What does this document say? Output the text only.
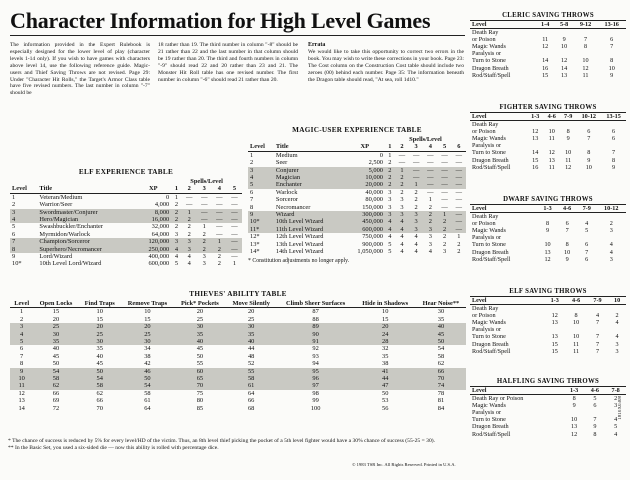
Character Information for High Level Games

The information provided in the Expert Rulebook is especially designed for the lower level of play (character levels 1-14 only). If you wish to have games with characters above level 14, use the following reference guide. Magic-users and Thief Saving Throws are not revised. Page 29: Under "Character Hit Rolls," the Target's Armor Class table have five revised numbers. The last number in column "-7" should be

18 rather than 19. The third number in column "-8" should be 21 rather than 22 and the last number in that column should be 19 rather than 20. The third and fourth numbers in column "-9" should read 22 and 20 rather than 23 and 21. The Monster Hit Roll table has one revised number. The first number in column "-6" should read 21 rather than 20.

Errata

We would like to take this opportunity to correct two errors in the book. You may wish to write these corrections in your book. Page 23: The Cost column on the Construction Cost table should include two zeroes (00) behind each number. Page 35: The information beneath the Dragon table should read, "At sea, roll 1d10."

ELF EXPERIENCE TABLE
			Spells/Level				
Level	Title	XP	1	2	3	4	5
1	Veteran/Medium	0	1	—	—	—	—
2	Warrior/Seer	4,000	2	—	—	—	—
3	Swordmaster/Conjurer	8,000	2	1	—	—	—
4	Hero/Magician	16,000	2	2	—	—	—
5	Swashbuckler/Enchanter	32,000	2	2	1	—	—
6	Myrmidon/Warlock	64,000	3	2	2	—	—
7	Champion/Sorceror	120,000	3	3	2	1	—
8	Superhero/Necromancer	250,000	4	3	2	2	—
9	Lord/Wizard	400,000	4	4	3	2	—
10*	10th Level Lord/Wizard	600,000	5	4	3	2	1
MAGIC-USER EXPERIENCE TABLE
			Spells/Level					
Level	Title	XP	1	2	3	4	5	6
1	Medium	0	1	—	—	—	—	—
2	Seer	2,500	2	—	—	—	—	—
3	Conjurer	5,000	2	1	—	—	—	—
4	Magician	10,000	2	2	—	—	—	—
5	Enchanter	20,000	2	2	1	—	—	—
6	Warlock	40,000	3	2	2	—	—	—
7	Sorceror	80,000	3	3	2	1	—	—
8	Necromancer	150,000	3	3	2	2	—	—
9	Wizard	300,000	3	3	3	2	1	—
10*	10th Level Wizard	450,000	4	4	3	2	2	—
11*	11th Level Wizard	600,000	4	4	3	3	2	—
12*	12th Level Wizard	750,000	4	4	4	3	2	1
13*	13th Level Wizard	900,000	5	4	4	3	2	2
14*	14th Level Wizard	1,050,000	5	4	4	4	3	2
* Constitution adjustments no longer apply.
THIEVES' ABILITY TABLE
Level	Open Locks	Find Traps	Remove Traps	Pick* Pockets	Move Silently	Climb Sheer Surfaces	Hide in Shadows	Hear Noise**
1	15	10	10	20	20	87	10	30
2	20	15	15	25	25	88	15	35
3	25	20	20	30	30	89	20	40
4	30	25	25	35	35	90	24	45
5	35	30	30	40	40	91	28	50
6	40	35	34	45	44	92	32	54
7	45	40	38	50	48	93	35	58
8	50	45	42	55	52	94	38	62
9	54	50	46	60	55	95	41	66
10	58	54	50	65	58	96	44	70
11	62	58	54	70	61	97	47	74
12	66	62	58	75	64	98	50	78
13	69	66	61	80	66	99	53	81
14	72	70	64	85	68	100	56	84

* The chance of success is reduced by 5% for every level/HD of the victim. Thus, an 8th level thief picking the pocket of a 5th level fighter would have a 30% chance of success (55-25 = 30).

** In the Basic Set, you used a six-sided die — now this ability is rolled with percentage dice.

© 1983 TSR Inc. All Rights Reserved. Printed in U.S.A.
1810X0308
CLERIC SAVING THROWS
Level	1-4	5-8	9-12	13-16
Death Ray				
or Poison	11	9	7	6
Magic Wands	12	10	8	7
Paralysis or				
Turn to Stone	14	12	10	8
Dragon Breath	16	14	12	10
Rod/Staff/Spell	15	13	11	9
FIGHTER SAVING THROWS
Level	1-3	4-6	7-9	10-12	13-15
Death Ray					
or Poison	12	10	8	6	6
Magic Wands	13	11	9	7	6
Paralysis or					
Turn to Stone	14	12	10	8	7
Dragon Breath	15	13	11	9	8
Rod/Staff/Spell	16	11	12	10	9
DWARF SAVING THROWS
Level	1-3	4-6	7-9	10-12
Death Ray				
or Poison	8	6	4	2
Magic Wands	9	7	5	3
Paralysis or				
Turn to Stone	10	8	6	4
Dragon Breath	13	10	7	4
Rod/Staff/Spell	12	9	6	3
ELF SAVING THROWS
Level	1-3	4-6	7-9	10
Death Ray				
or Poison	12	8	4	2
Magic Wands	13	10	7	4
Paralysis or				
Turn to Stone	13	10	7	4
Dragon Breath	15	11	7	3
Rod/Staff/Spell	15	11	7	3
HALFLING SAVING THROWS
Level	1-3	4-6	7-8
Death Ray or Poison	8	5	2
Magic Wands	9	6	3
Paralysis or			
Turn to Stone	10	7	4
Dragon Breath	13	9	5
Rod/Staff/Spell	12	8	4
